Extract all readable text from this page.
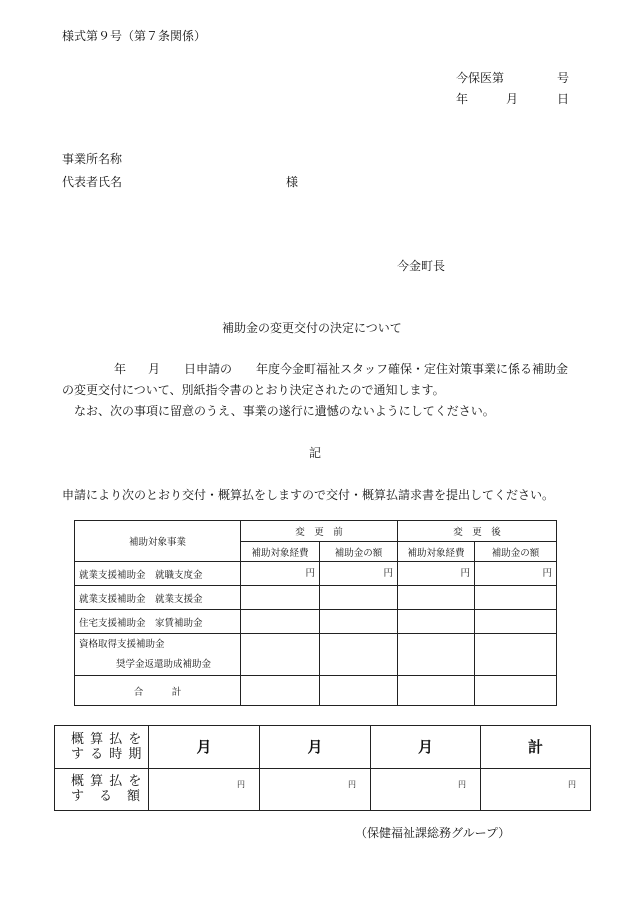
様式第９号（第７条関係）
今保医第	号
年	月	日
事業所名称
代表者氏名	様
今金町長
補助金の変更交付の決定について
年 月 日申請の　　年度今金町福祉スタッフ確保・定住対策事業に係る補助金
の変更交付について、別紙指令書のとおり決定されたので通知します。
なお、次の事項に留意のうえ、事業の遂行に遺憾のないようにしてください。
記
申請により次のとおり交付・概算払をしますので交付・概算払請求書を提出してください。
補助対象事業	変　更　前		変　更　後	
	補助対象経費	補助金の額	補助対象経費	補助金の額
就業支援補助金　就職支度金	円	円	円	円
就業支援補助金　就業支援金				
住宅支援補助金　家賃補助金				

資格取得支援補助金
奨学金返還助成補助金				

合　　　計				
概 算 払 を
す る 時 期	月	月	月	計

概 算 払 を
す　る　額	円	円	円	円
（保健福祉課総務グループ）
